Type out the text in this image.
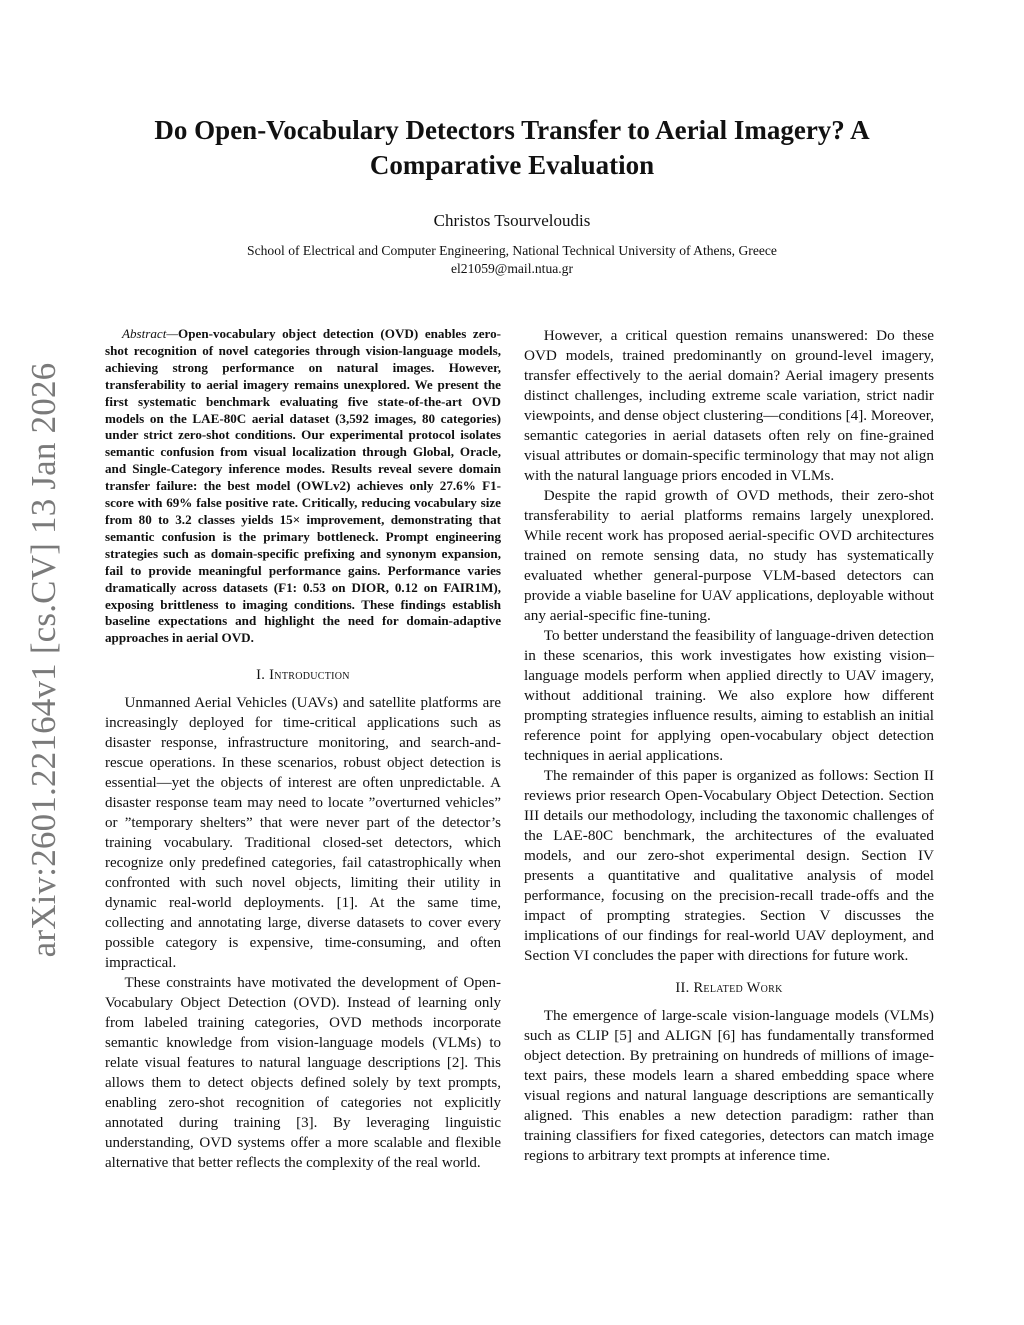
arXiv:2601.22164v1 [cs.CV] 13 Jan 2026
Do Open-Vocabulary Detectors Transfer to Aerial Imagery? A Comparative Evaluation
Christos Tsourveloudis
School of Electrical and Computer Engineering, National Technical University of Athens, Greece
el21059@mail.ntua.gr

Abstract—Open-vocabulary object detection (OVD) enables zero-shot recognition of novel categories through vision-language models, achieving strong performance on natural images. However, transferability to aerial imagery remains unexplored. We present the first systematic benchmark evaluating five state-of-the-art OVD models on the LAE-80C aerial dataset (3,592 images, 80 categories) under strict zero-shot conditions. Our experimental protocol isolates semantic confusion from visual localization through Global, Oracle, and Single-Category inference modes. Results reveal severe domain transfer failure: the best model (OWLv2) achieves only 27.6% F1-score with 69% false positive rate. Critically, reducing vocabulary size from 80 to 3.2 classes yields 15× improvement, demonstrating that semantic confusion is the primary bottleneck. Prompt engineering strategies such as domain-specific prefixing and synonym expansion, fail to provide meaningful performance gains. Performance varies dramatically across datasets (F1: 0.53 on DIOR, 0.12 on FAIR1M), exposing brittleness to imaging conditions. These findings establish baseline expectations and highlight the need for domain-adaptive approaches in aerial OVD.

I. Introduction

Unmanned Aerial Vehicles (UAVs) and satellite platforms are increasingly deployed for time-critical applications such as disaster response, infrastructure monitoring, and search-and-rescue operations. In these scenarios, robust object detection is essential—yet the objects of interest are often unpredictable. A disaster response team may need to locate ”overturned vehicles” or ”temporary shelters” that were never part of the detector’s training vocabulary. Traditional closed-set detectors, which recognize only predefined categories, fail catastrophically when confronted with such novel objects, limiting their utility in dynamic real-world deployments. [1]. At the same time, collecting and annotating large, diverse datasets to cover every possible category is expensive, time-consuming, and often impractical.

These constraints have motivated the development of Open-Vocabulary Object Detection (OVD). Instead of learning only from labeled training categories, OVD methods incorporate semantic knowledge from vision-language models (VLMs) to relate visual features to natural language descriptions [2]. This allows them to detect objects defined solely by text prompts, enabling zero-shot recognition of categories not explicitly annotated during training [3]. By leveraging linguistic understanding, OVD systems offer a more scalable and flexible alternative that better reflects the complexity of the real world.

However, a critical question remains unanswered: Do these OVD models, trained predominantly on ground-level imagery, transfer effectively to the aerial domain? Aerial imagery presents distinct challenges, including extreme scale variation, strict nadir viewpoints, and dense object clustering—conditions [4]. Moreover, semantic categories in aerial datasets often rely on fine-grained visual attributes or domain-specific terminology that may not align with the natural language priors encoded in VLMs.

Despite the rapid growth of OVD methods, their zero-shot transferability to aerial platforms remains largely unexplored. While recent work has proposed aerial-specific OVD architectures trained on remote sensing data, no study has systematically evaluated whether general-purpose VLM-based detectors can provide a viable baseline for UAV applications, deployable without any aerial-specific fine-tuning.

To better understand the feasibility of language-driven detection in these scenarios, this work investigates how existing vision–language models perform when applied directly to UAV imagery, without additional training. We also explore how different prompting strategies influence results, aiming to establish an initial reference point for applying open-vocabulary object detection techniques in aerial applications.

The remainder of this paper is organized as follows: Section II reviews prior research Open-Vocabulary Object Detection. Section III details our methodology, including the taxonomic challenges of the LAE-80C benchmark, the architectures of the evaluated models, and our zero-shot experimental design. Section IV presents a quantitative and qualitative analysis of model performance, focusing on the precision-recall trade-offs and the impact of prompting strategies. Section V discusses the implications of our findings for real-world UAV deployment, and Section VI concludes the paper with directions for future work.

II. Related Work

The emergence of large-scale vision-language models (VLMs) such as CLIP [5] and ALIGN [6] has fundamentally transformed object detection. By pretraining on hundreds of millions of image-text pairs, these models learn a shared embedding space where visual regions and natural language descriptions are semantically aligned. This enables a new detection paradigm: rather than training classifiers for fixed categories, detectors can match image regions to arbitrary text prompts at inference time.
